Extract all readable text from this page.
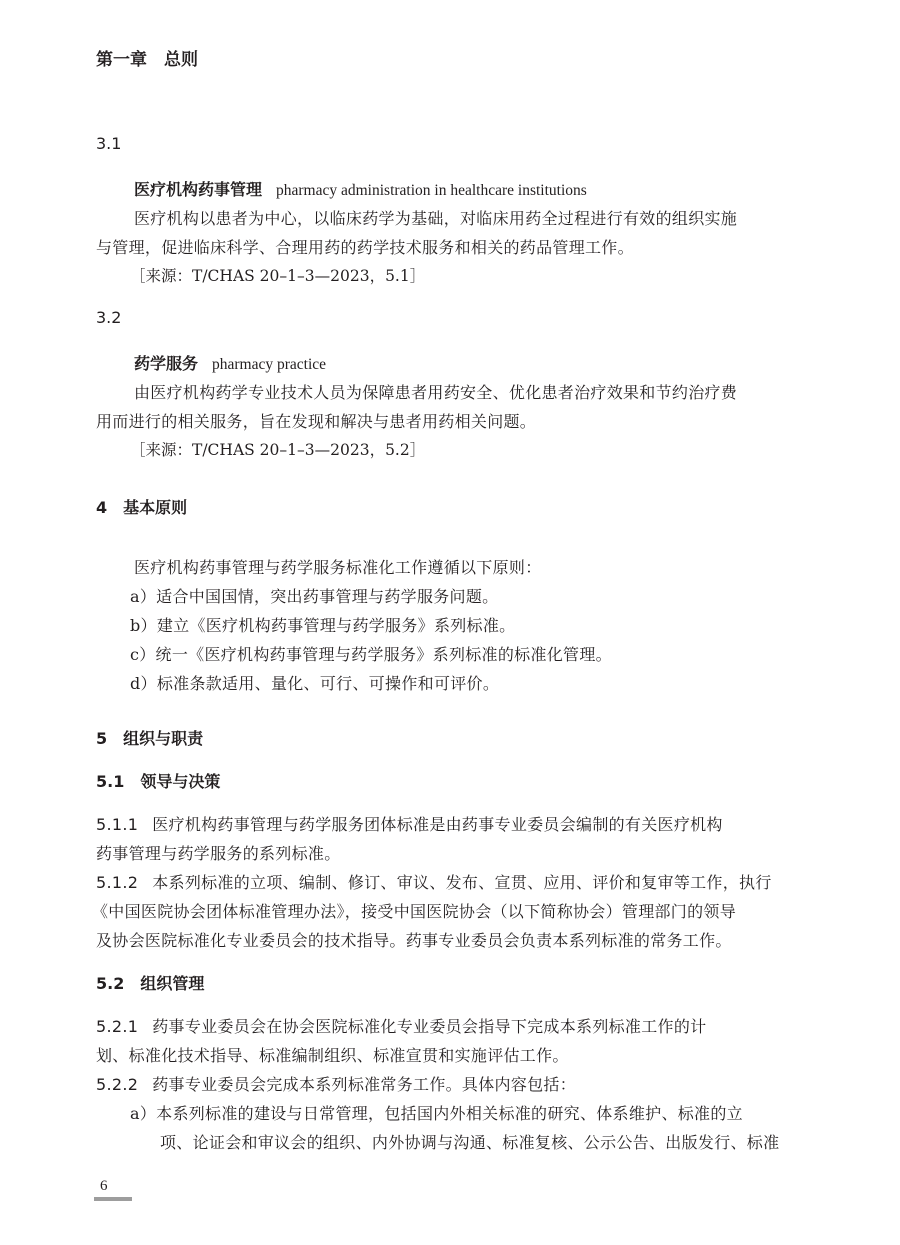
第一章　总则
3.1
医疗机构药事管理 pharmacy administration in healthcare institutions
医疗机构以患者为中心，以临床药学为基础，对临床用药全过程进行有效的组织实施
与管理，促进临床科学、合理用药的药学技术服务和相关的药品管理工作。
［来源：T/CHAS 20–1–3—2023，5.1］
3.2
药学服务 pharmacy practice
由医疗机构药学专业技术人员为保障患者用药安全、优化患者治疗效果和节约治疗费
用而进行的相关服务，旨在发现和解决与患者用药相关问题。
［来源：T/CHAS 20–1–3—2023，5.2］
4　基本原则
医疗机构药事管理与药学服务标准化工作遵循以下原则：
a）适合中国国情，突出药事管理与药学服务问题。
b）建立《医疗机构药事管理与药学服务》系列标准。
c）统一《医疗机构药事管理与药学服务》系列标准的标准化管理。
d）标准条款适用、量化、可行、可操作和可评价。
5　组织与职责
5.1　领导与决策
5.1.1 医疗机构药事管理与药学服务团体标准是由药事专业委员会编制的有关医疗机构
药事管理与药学服务的系列标准。
5.1.2 本系列标准的立项、编制、修订、审议、发布、宣贯、应用、评价和复审等工作，执行
《中国医院协会团体标准管理办法》，接受中国医院协会（以下简称协会）管理部门的领导
及协会医院标准化专业委员会的技术指导。药事专业委员会负责本系列标准的常务工作。
5.2　组织管理
5.2.1 药事专业委员会在协会医院标准化专业委员会指导下完成本系列标准工作的计
划、标准化技术指导、标准编制组织、标准宣贯和实施评估工作。
5.2.2 药事专业委员会完成本系列标准常务工作。具体内容包括：
a）本系列标准的建设与日常管理，包括国内外相关标准的研究、体系维护、标准的立
项、论证会和审议会的组织、内外协调与沟通、标准复核、公示公告、出版发行、标准
6
